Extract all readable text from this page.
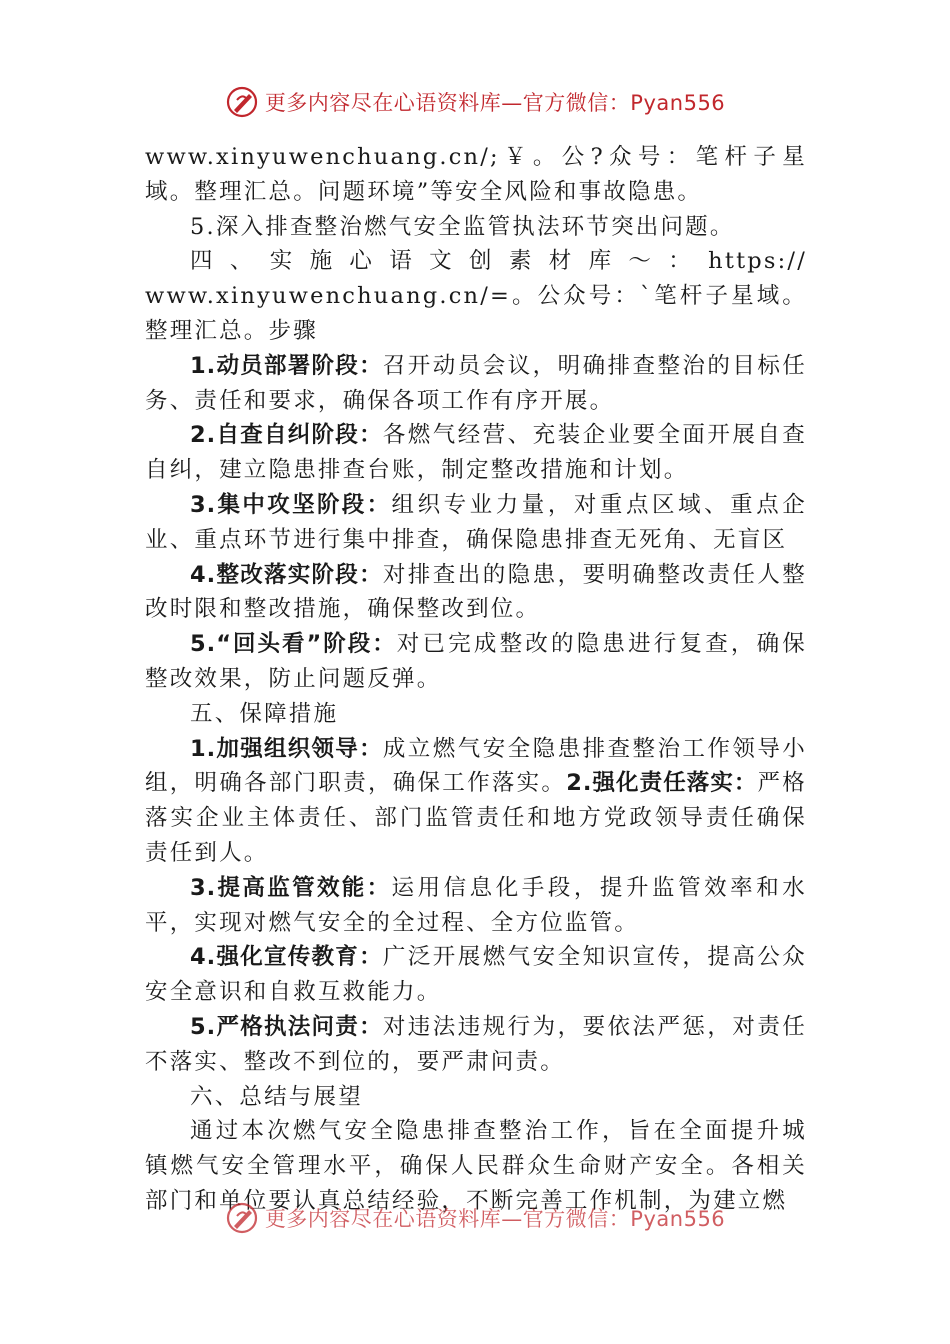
更多内容尽在心语资料库—官方微信：Pyan556

www.xinyuwenchuang.cn/;￥。公?众号：笔杆子星域。整理汇总。问题环境”等安全风险和事故隐患。

5.深入排查整治燃气安全监管执法环节突出问题。

四、实施心语文创素材库～：https://

www.xinyuwenchuang.cn/=。公众号：`笔杆子星域。整理汇总。步骤

1.动员部署阶段：召开动员会议，明确排查整治的目标任务、责任和要求，确保各项工作有序开展。

2.自查自纠阶段：各燃气经营、充装企业要全面开展自查自纠，建立隐患排查台账，制定整改措施和计划。

3.集中攻坚阶段：组织专业力量，对重点区域、重点企业、重点环节进行集中排查，确保隐患排查无死角、无盲区

4.整改落实阶段：对排查出的隐患，要明确整改责任人整改时限和整改措施，确保整改到位。

5.“回头看”阶段：对已完成整改的隐患进行复查，确保整改效果，防止问题反弹。

五、保障措施

1.加强组织领导：成立燃气安全隐患排查整治工作领导小组，明确各部门职责，确保工作落实。2.强化责任落实：严格落实企业主体责任、部门监管责任和地方党政领导责任确保责任到人。

3.提高监管效能：运用信息化手段，提升监管效率和水平，实现对燃气安全的全过程、全方位监管。

4.强化宣传教育：广泛开展燃气安全知识宣传，提高公众安全意识和自救互救能力。

5.严格执法问责：对违法违规行为，要依法严惩，对责任不落实、整改不到位的，要严肃问责。

六、总结与展望

通过本次燃气安全隐患排查整治工作，旨在全面提升城镇燃气安全管理水平，确保人民群众生命财产安全。各相关部门和单位要认真总结经验，不断完善工作机制，为建立燃

更多内容尽在心语资料库—官方微信：Pyan556
